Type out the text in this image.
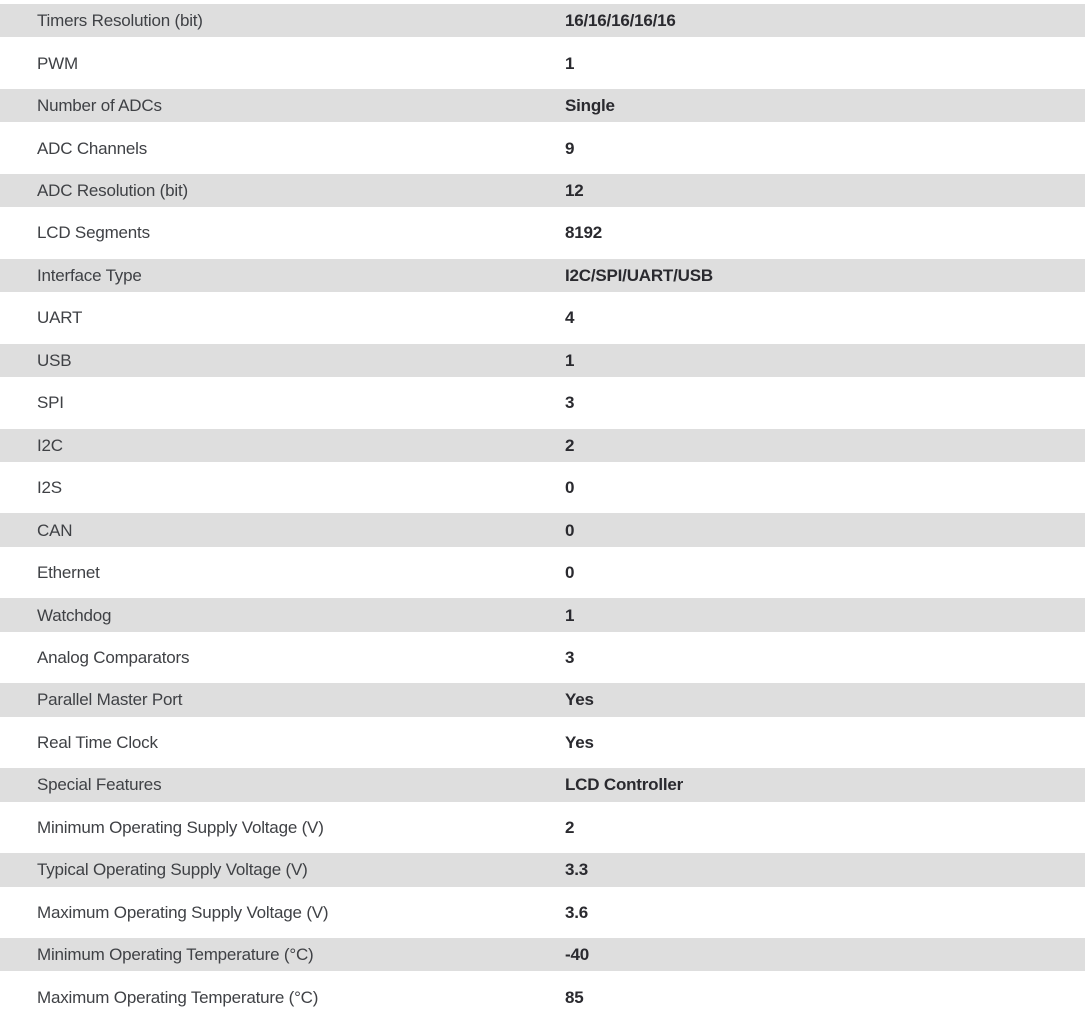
Timers Resolution (bit)	16/16/16/16/16
PWM	1
Number of ADCs	Single
ADC Channels	9
ADC Resolution (bit)	12
LCD Segments	8192
Interface Type	I2C/SPI/UART/USB
UART	4
USB	1
SPI	3
I2C	2
I2S	0
CAN	0
Ethernet	0
Watchdog	1
Analog Comparators	3
Parallel Master Port	Yes
Real Time Clock	Yes
Special Features	LCD Controller
Minimum Operating Supply Voltage (V)	2
Typical Operating Supply Voltage (V)	3.3
Maximum Operating Supply Voltage (V)	3.6
Minimum Operating Temperature (°C)	-40
Maximum Operating Temperature (°C)	85
